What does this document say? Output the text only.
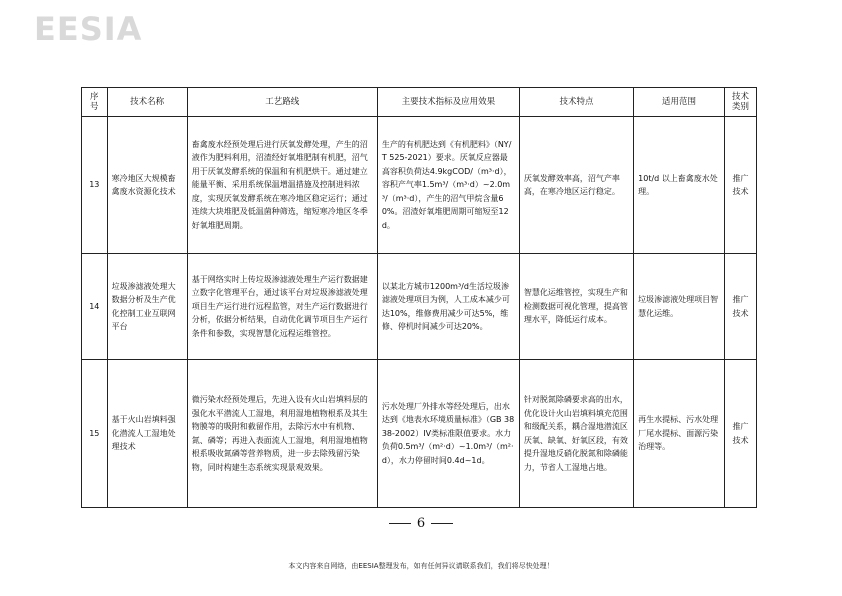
EESIA
序号	技术名称	工艺路线	主要技术指标及应用效果	技术特点	适用范围	技术类别
13	寒冷地区大规模畜禽废水资源化技术	畜禽废水经预处理后进行厌氧发酵处理，产生的沼液作为肥料利用，沼渣经好氧堆肥制有机肥，沼气用于厌氧发酵系统的保温和有机肥烘干。通过建立能量平衡、采用系统保温增温措施及控制进料浓度，实现厌氧发酵系统在寒冷地区稳定运行；通过连续大块堆肥及低温菌种筛选，缩短寒冷地区冬季好氧堆肥周期。	生产的有机肥达到《有机肥料》（NY/T 525-2021）要求。厌氧反应器最高容积负荷达4.9kgCOD/（m³·d），容积产气率1.5m³/（m³·d）~2.0m³/（m³·d），产生的沼气甲烷含量60%。沼渣好氧堆肥周期可缩短至12d。	厌氧发酵效率高，沼气产率高，在寒冷地区运行稳定。	10t/d 以上畜禽废水处理。	推广技术
14	垃圾渗滤液处理大数据分析及生产优化控制工业互联网平台	基于网络实时上传垃圾渗滤液处理生产运行数据建立数字化管理平台，通过该平台对垃圾渗滤液处理项目生产运行进行远程监管，对生产运行数据进行分析，依据分析结果，自动优化调节项目生产运行条件和参数，实现智慧化远程运维管控。	以某北方城市1200m³/d生活垃圾渗滤液处理项目为例，人工成本减少可达10%，维修费用减少可达5%，维修、停机时间减少可达20%。	智慧化运维管控，实现生产和检测数据可视化管理，提高管理水平，降低运行成本。	垃圾渗滤液处理项目智慧化运维。	推广技术
15	基于火山岩填料强化潜流人工湿地处理技术	微污染水经预处理后，先进入设有火山岩填料层的强化水平潜流人工湿地，利用湿地植物根系及其生物膜等的吸附和截留作用，去除污水中有机物、氮、磷等；再进入表面流人工湿地，利用湿地植物根系吸收氮磷等营养物质，进一步去除残留污染物，同时构建生态系统实现景观效果。	污水处理厂外排水等经处理后，出水达到《地表水环境质量标准》（GB 3838-2002）IV类标准限值要求。水力负荷0.5m³/（m²·d）~1.0m³/（m²·d），水力停留时间0.4d~1d。	针对脱氮除磷要求高的出水，优化设计火山岩填料填充范围和级配关系，耦合湿地潜流区厌氧、缺氧、好氧区段，有效提升湿地反硝化脱氮和除磷能力，节省人工湿地占地。	再生水提标、污水处理厂尾水提标、面源污染治理等。	推广技术
6
本文内容来自网络，由EESIA整理发布，如有任何异议请联系我们，我们将尽快处理！
